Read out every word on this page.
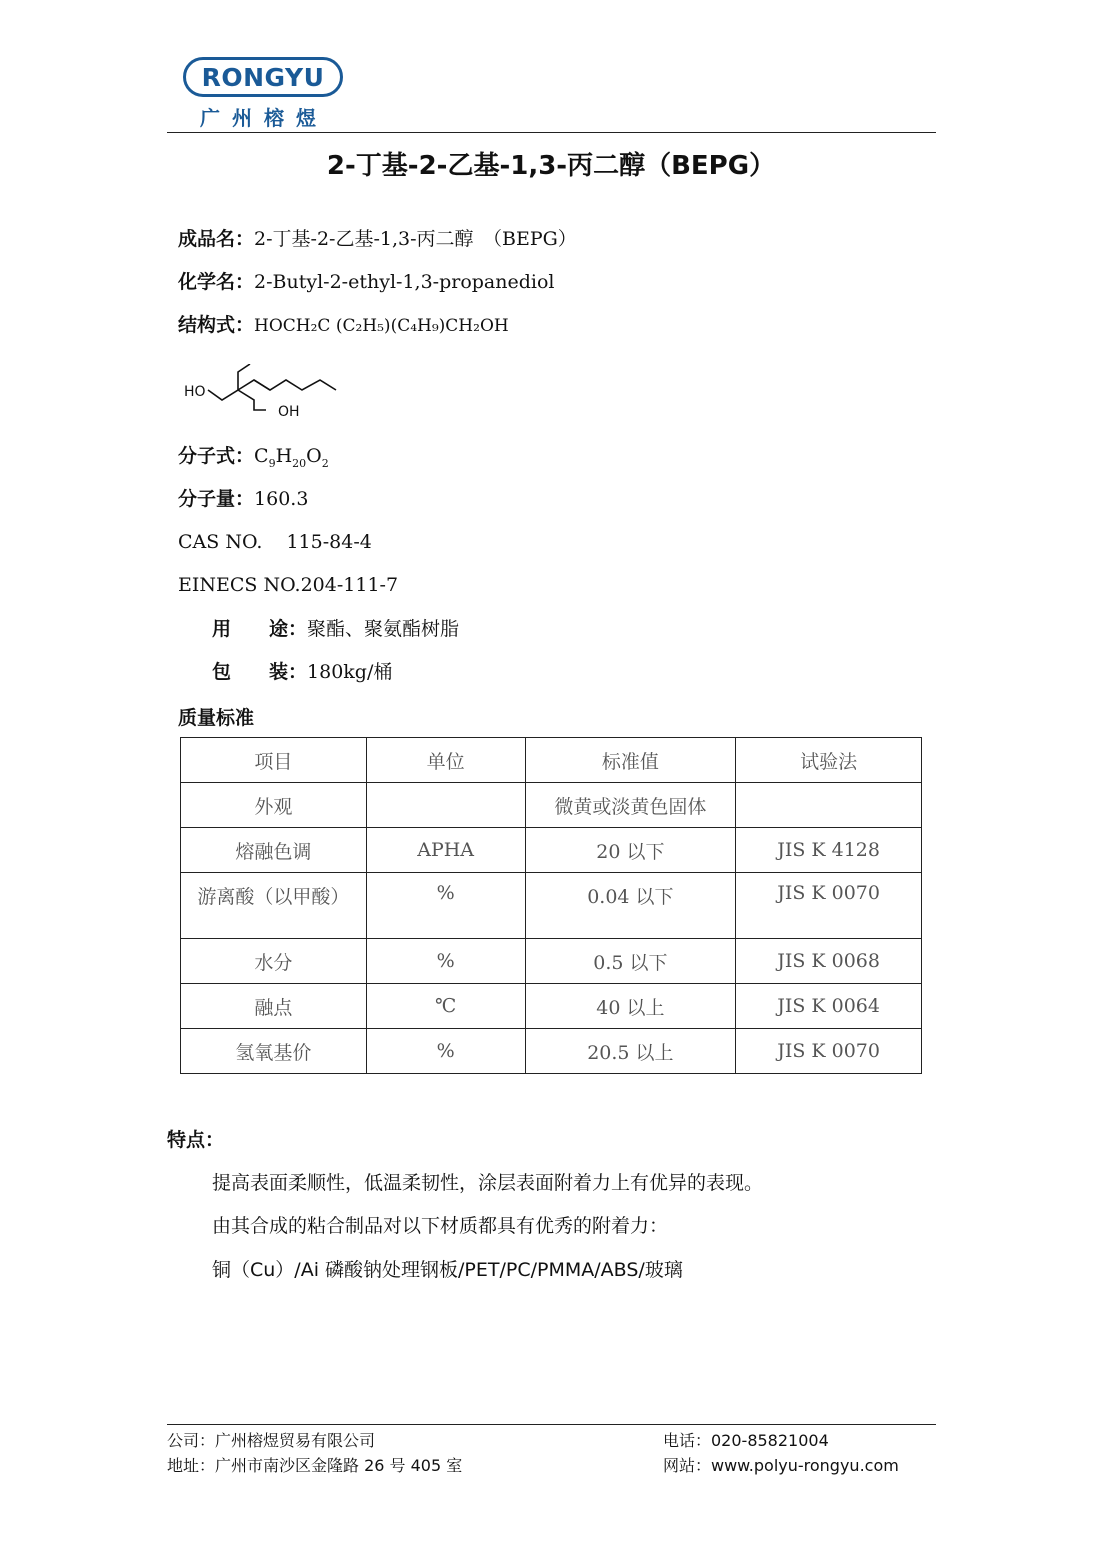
RONGYU
广州榕煜
2-丁基-2-乙基-1,3-丙二醇（BEPG）
成品名：2-丁基-2-乙基-1,3-丙二醇　（BEPG）
化学名：2-Butyl-2-ethyl-1,3-propanediol
结构式：HOCH₂C (C₂H₅)(C₄H₉)CH₂OH
HO
OH
分子式：$C_9H_{20}O_2$
分子量：160.3
CAS NO. 115-84-4
EINECS NO.204-111-7
用　　途：聚酯、聚氨酯树脂
包　　装：180kg/桶
质量标准
项目	单位	标准值	试验法
外观		微黄或淡黄色固体	
熔融色调	APHA	20 以下	JIS K 4128
游离酸（以甲酸）	%	0.04 以下	JIS K 0070
水分	%	0.5 以下	JIS K 0068
融点	℃	40 以上	JIS K 0064
氢氧基价	%	20.5 以上	JIS K 0070
特点：
提高表面柔顺性，低温柔韧性，涂层表面附着力上有优异的表现。
由其合成的粘合制品对以下材质都具有优秀的附着力：
铜（Cu）/Ai 磷酸钠处理钢板/PET/PC/PMMA/ABS/玻璃
公司：广州榕煜贸易有限公司
地址：广州市南沙区金隆路 26 号 405 室
电话：020-85821004
网站：www.polyu-rongyu.com
